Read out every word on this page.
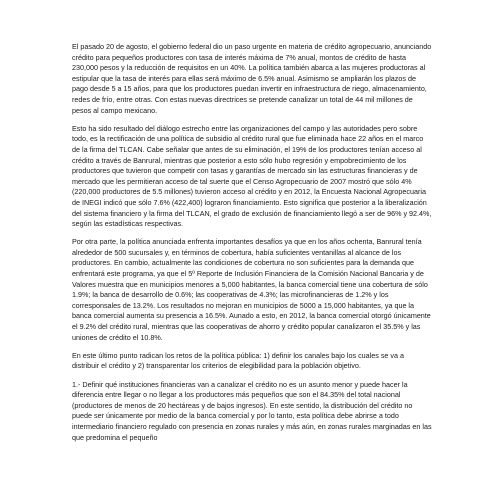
El pasado 20 de agosto, el gobierno federal dio un paso urgente en materia de crédito agropecuario, anunciando crédito para pequeños productores con tasa de interés máxima de 7% anual, montos de crédito de hasta 230,000 pesos y la reducción de requisitos en un 40%. La política también abarca a las mujeres productoras al estipular que la tasa de interés para ellas será máximo de 6.5% anual. Asimismo se ampliarán los plazos de pago desde 5 a 15 años, para que los productores puedan invertir en infraestructura de riego, almacenamiento, redes de frío, entre otras. Con estas nuevas directrices se pretende canalizar un total de 44 mil millones de pesos al campo mexicano.

Esto ha sido resultado del diálogo estrecho entre las organizaciones del campo y las autoridades pero sobre todo, es la rectificación de una política de subsidio al crédito rural que fue eliminada hace 22 años en el marco de la firma del TLCAN. Cabe señalar que antes de su eliminación, el 19% de los productores tenían acceso al crédito a través de Banrural, mientras que posterior a esto sólo hubo regresión y empobrecimiento de los productores que tuvieron que competir con tasas y garantías de mercado sin las estructuras financieras y de mercado que les permitieran acceso de tal suerte que el Censo Agropecuario de 2007 mostró que sólo 4% (220,000 productores de 5.5 millones) tuvieron acceso al crédito y en 2012, la Encuesta Nacional Agropecuaria de INEGI indicó que sólo 7.6% (422,400) lograron financiamiento. Esto significa que posterior a la liberalización del sistema financiero y la firma del TLCAN, el grado de exclusión de financiamiento llegó a ser de 96% y 92.4%, según las estadísticas respectivas.

Por otra parte, la política anunciada enfrenta importantes desafíos ya que en los años ochenta, Banrural tenía alrededor de 500 sucursales y, en términos de cobertura, había suficientes ventanillas al alcance de los productores. En cambio, actualmente las condiciones de cobertura no son suficientes para la demanda que enfrentará este programa, ya que el 5º Reporte de Inclusión Financiera de la Comisión Nacional Bancaria y de Valores muestra que en municipios menores a 5,000 habitantes, la banca comercial tiene una cobertura de sólo 1.9%; la banca de desarrollo de 0.6%; las cooperativas de 4.3%; las microfinancieras de 1.2% y los corresponsales de 13.2%. Los resultados no mejoran en municipios de 5000 a 15,000 habitantes, ya que la banca comercial aumenta su presencia a 16.5%. Aunado a esto, en 2012, la banca comercial otorgó únicamente el 9.2% del crédito rural, mientras que las cooperativas de ahorro y crédito popular canalizaron el 35.5% y las uniones de crédito el 10.8%.

En este último punto radican los retos de la política pública: 1) definir los canales bajo los cuales se va a distribuir el crédito y 2) transparentar los criterios de elegibilidad para la población objetivo.

1.- Definir qué instituciones financieras van a canalizar el crédito no es un asunto menor y puede hacer la diferencia entre llegar o no llegar a los productores más pequeños que son el 84.35% del total nacional (productores de menos de 20 hectáreas y de bajos ingresos). En este sentido, la distribución del crédito no puede ser únicamente por medio de la banca comercial y por lo tanto, esta política debe abrirse a todo intermediario financiero regulado con presencia en zonas rurales y más aún, en zonas rurales marginadas en las que predomina el pequeño
